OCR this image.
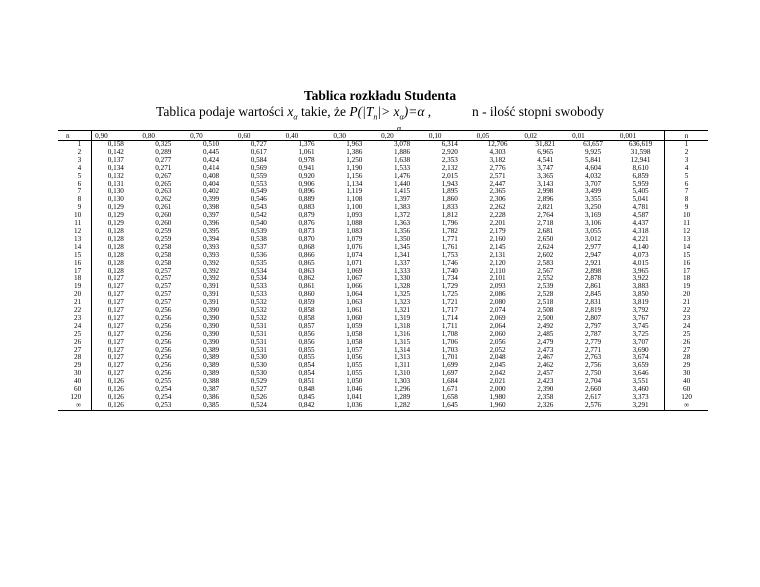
Tablica rozkładu Studenta
Tablica podaje wartości $x_\alpha$ takie, że $P(|T_n|> x_\alpha)=\alpha$ ,	n - ilość stopni swobody
α
n	0,90	0,80	0,70	0,60	0,40	0,30	0,20	0,10	0,05	0,02	0,01	0,001	n
1	0,158	0,325	0,510	0,727	1,376	1,963	3,078	6,314	12,706	31,821	63,657	636,619	1
2	0,142	0,289	0,445	0,617	1,061	1,386	1,886	2,920	4,303	6,965	9,925	31,598	2
3	0,137	0,277	0,424	0,584	0,978	1,250	1,638	2,353	3,182	4,541	5,841	12,941	3
4	0,134	0,271	0,414	0,569	0,941	1,190	1,533	2,132	2,776	3,747	4,604	8,610	4
5	0,132	0,267	0,408	0,559	0,920	1,156	1,476	2,015	2,571	3,365	4,032	6,859	5
6	0,131	0,265	0,404	0,553	0,906	1,134	1,440	1,943	2,447	3,143	3,707	5,959	6
7	0,130	0,263	0,402	0,549	0,896	1,119	1,415	1,895	2,365	2,998	3,499	5,405	7
8	0,130	0,262	0,399	0,546	0,889	1,108	1,397	1,860	2,306	2,896	3,355	5,041	8
9	0,129	0,261	0,398	0,543	0,883	1,100	1,383	1,833	2,262	2,821	3,250	4,781	9
10	0,129	0,260	0,397	0,542	0,879	1,093	1,372	1,812	2,228	2,764	3,169	4,587	10
11	0,129	0,260	0,396	0,540	0,876	1,088	1,363	1,796	2,201	2,718	3,106	4,437	11
12	0,128	0,259	0,395	0,539	0,873	1,083	1,356	1,782	2,179	2,681	3,055	4,318	12
13	0,128	0,259	0,394	0,538	0,870	1,079	1,350	1,771	2,160	2,650	3,012	4,221	13
14	0,128	0,258	0,393	0,537	0,868	1,076	1,345	1,761	2,145	2,624	2,977	4,140	14
15	0,128	0,258	0,393	0,536	0,866	1,074	1,341	1,753	2,131	2,602	2,947	4,073	15
16	0,128	0,258	0,392	0,535	0,865	1,071	1,337	1,746	2,120	2,583	2,921	4,015	16
17	0,128	0,257	0,392	0,534	0,863	1,069	1,333	1,740	2,110	2,567	2,898	3,965	17
18	0,127	0,257	0,392	0,534	0,862	1,067	1,330	1,734	2,101	2,552	2,878	3,922	18
19	0,127	0,257	0,391	0,533	0,861	1,066	1,328	1,729	2,093	2,539	2,861	3,883	19
20	0,127	0,257	0,391	0,533	0,860	1,064	1,325	1,725	2,086	2,528	2,845	3,850	20
21	0,127	0,257	0,391	0,532	0,859	1,063	1,323	1,721	2,080	2,518	2,831	3,819	21
22	0,127	0,256	0,390	0,532	0,858	1,061	1,321	1,717	2,074	2,508	2,819	3,792	22
23	0,127	0,256	0,390	0,532	0,858	1,060	1,319	1,714	2,069	2,500	2,807	3,767	23
24	0,127	0,256	0,390	0,531	0,857	1,059	1,318	1,711	2,064	2,492	2,797	3,745	24
25	0,127	0,256	0,390	0,531	0,856	1,058	1,316	1,708	2,060	2,485	2,787	3,725	25
26	0,127	0,256	0,390	0,531	0,856	1,058	1,315	1,706	2,056	2,479	2,779	3,707	26
27	0,127	0,256	0,389	0,531	0,855	1,057	1,314	1,703	2,052	2,473	2,771	3,690	27
28	0,127	0,256	0,389	0,530	0,855	1,056	1,313	1,701	2,048	2,467	2,763	3,674	28
29	0,127	0,256	0,389	0,530	0,854	1,055	1,311	1,699	2,045	2,462	2,756	3,659	29
30	0,127	0,256	0,389	0,530	0,854	1,055	1,310	1,697	2,042	2,457	2,750	3,646	30
40	0,126	0,255	0,388	0,529	0,851	1,050	1,303	1,684	2,021	2,423	2,704	3,551	40
60	0,126	0,254	0,387	0,527	0,848	1,046	1,296	1,671	2,000	2,390	2,660	3,460	60
120	0,126	0,254	0,386	0,526	0,845	1,041	1,289	1,658	1,980	2,358	2,617	3,373	120
∞	0,126	0,253	0,385	0,524	0,842	1,036	1,282	1,645	1,960	2,326	2,576	3,291	∞
